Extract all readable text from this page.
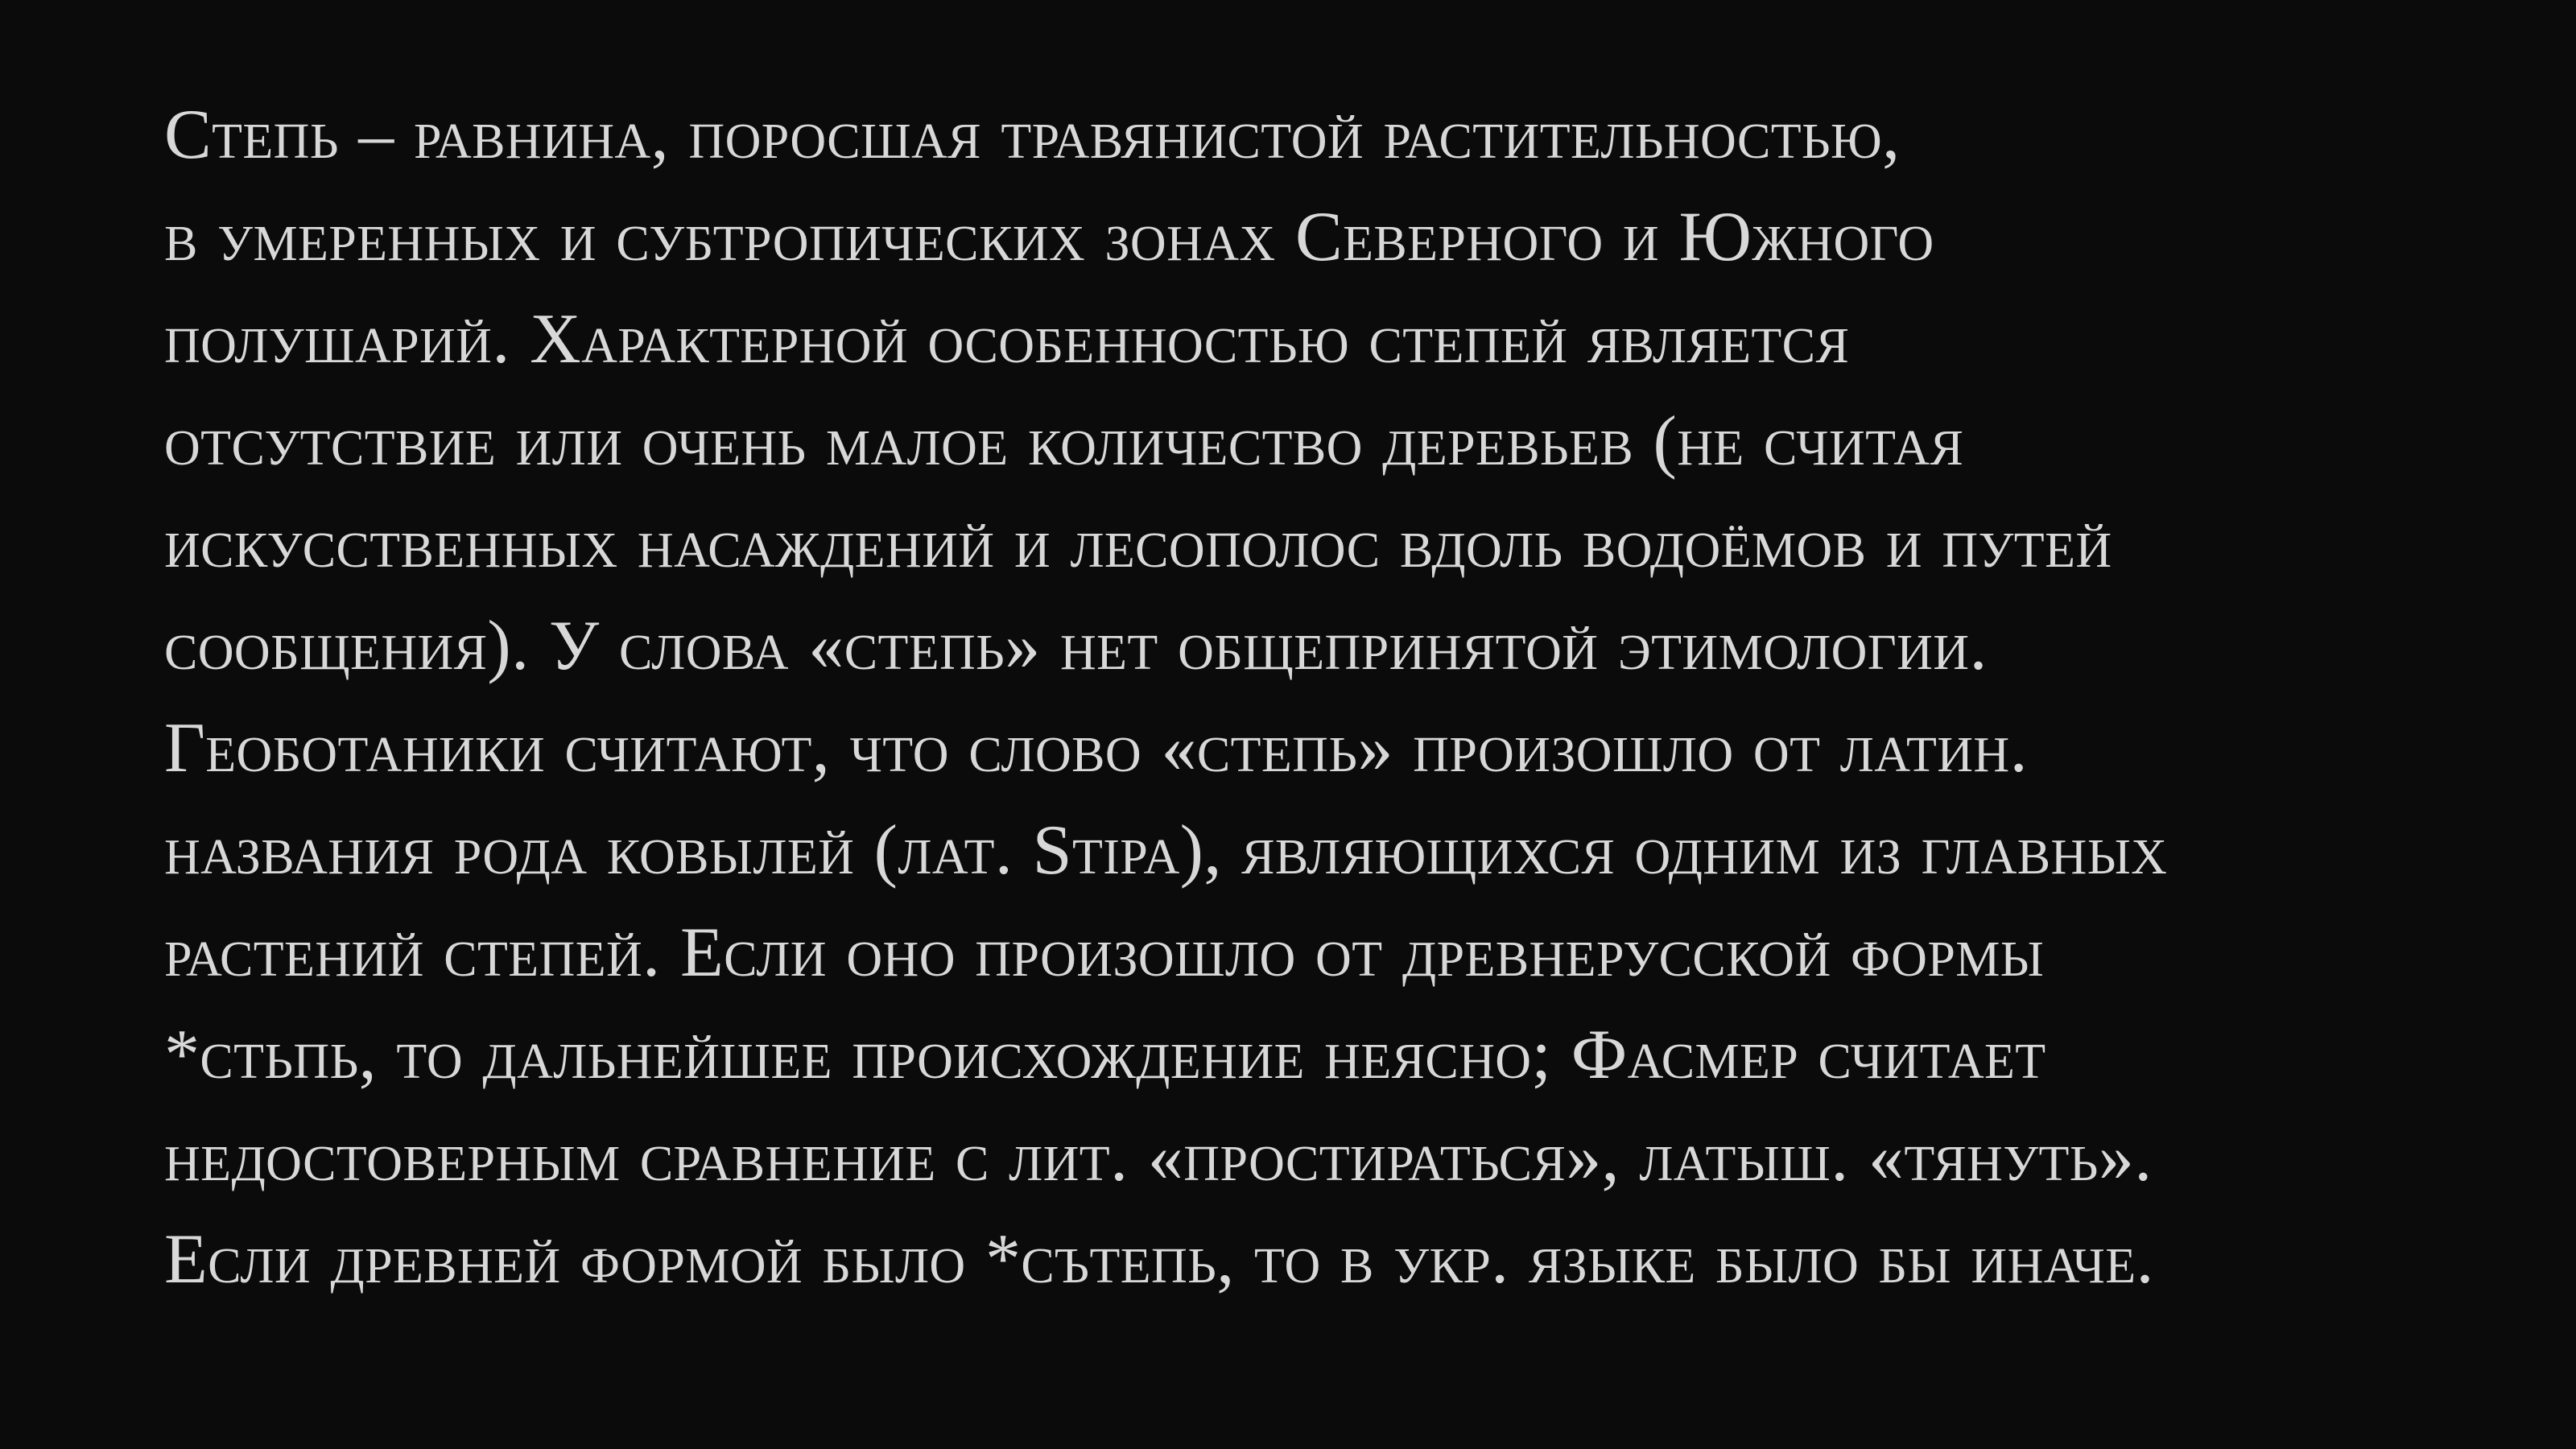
Степь – равнина, поросшая травянистой растительностью,
в умеренных и субтропических зонах Северного и Южного
полушарий. Характерной особенностью степей является
отсутствие или очень малое количество деревьев (не считая
искусственных насаждений и лесополос вдоль водоёмов и путей
сообщения). У слова «степь» нет общепринятой этимологии.
Геоботаники считают, что слово «степь» произошло от латин.
названия рода ковылей (лат. Stipa), являющихся одним из главных
растений степей. Если оно произошло от древнерусской формы
*стьпь, то дальнейшее происхождение неясно; Фасмер считает
недостоверным сравнение с лит. «простираться», латыш. «тянуть».
Если древней формой было *сътепь, то в укр. языке было бы иначе.
